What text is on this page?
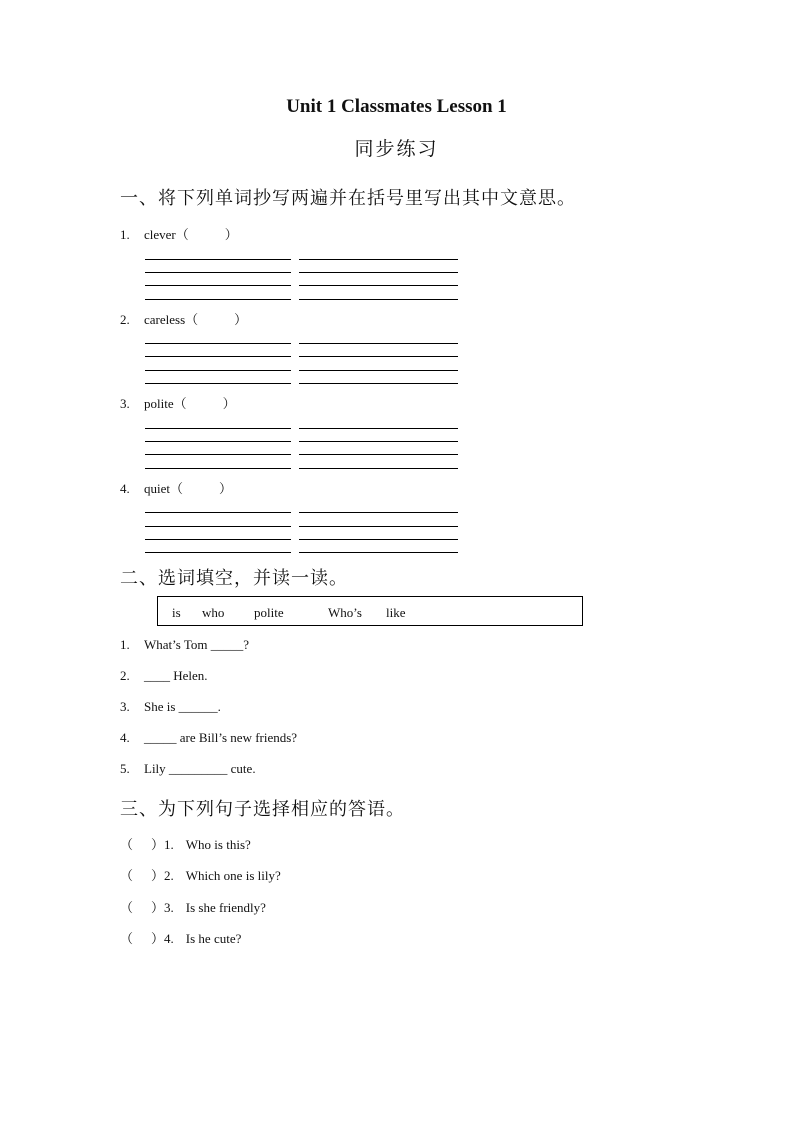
Unit 1 Classmates Lesson 1
同步练习
一、将下列单词抄写两遍并在括号里写出其中文意思。
1. clever（	）
2. careless（	）
3. polite（	）
4. quiet（	）
二、选词填空，并读一读。
is who polite	Who’s like
1. What’s Tom _____?
2. ____ Helen.
3. She is ______.
4. _____ are Bill’s new friends?
5. Lily _________ cute.
三、为下列句子选择相应的答语。
（ ）1. Who is this?
（ ）2. Which one is lily?
（ ）3. Is she friendly?
（ ）4. Is he cute?
